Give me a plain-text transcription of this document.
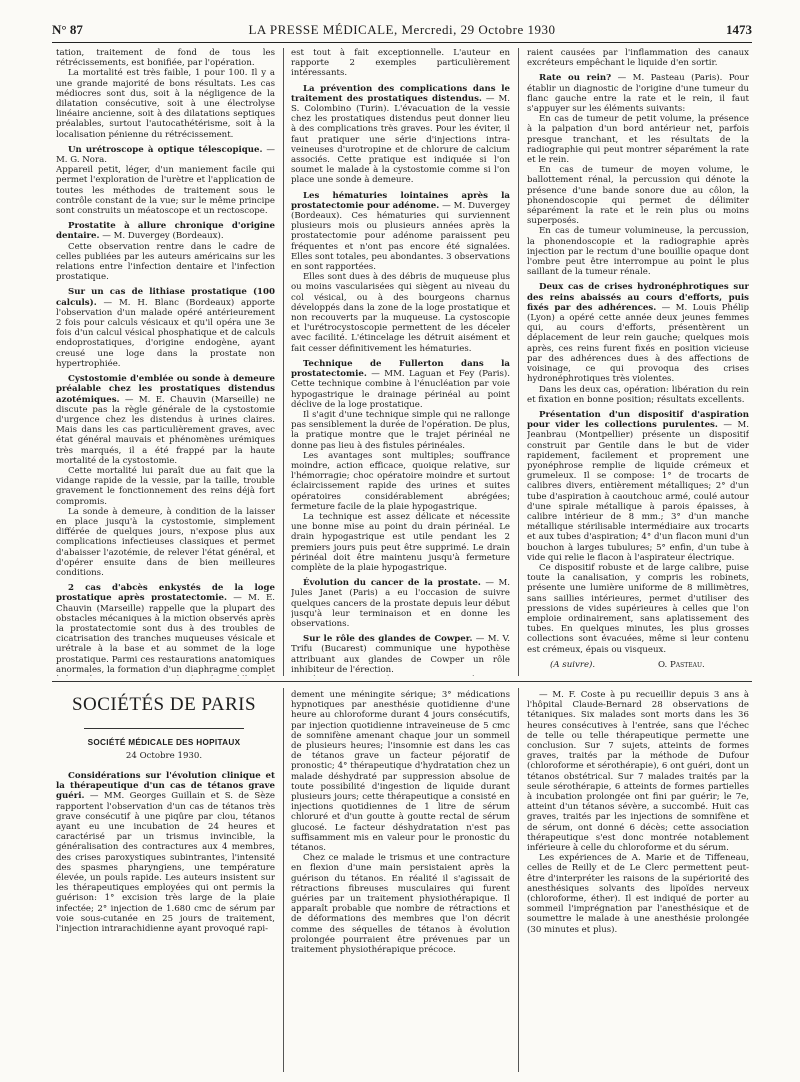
N° 87	LA PRESSE MÉDICALE, Mercredi, 29 Octobre 1930	1473

tation, traitement de fond de tous les rétrécissements, est bonifiée, par l'opération.

La mortalité est très faible, 1 pour 100. Il y a une grande majorité de bons résultats. Les cas médiocres sont dus, soit à la négligence de la dilatation consécutive, soit à une électrolyse linéaire ancienne, soit à des dilatations septiques préalables, surtout l'autocathétérisme, soit à la localisation pénienne du rétrécissement.

Un urétroscope à optique télescopique. — M. G. Nora.

Appareil petit, léger, d'un maniement facile qui permet l'exploration de l'urètre et l'application de toutes les méthodes de traitement sous le contrôle constant de la vue; sur le même principe sont construits un méatoscope et un rectoscope.

Prostatite à allure chronique d'origine dentaire. — M. Duvergey (Bordeaux).

Cette observation rentre dans le cadre de celles publiées par les auteurs américains sur les relations entre l'infection dentaire et l'infection prostatique.

Sur un cas de lithiase prostatique (100 calculs). — M. H. Blanc (Bordeaux) apporte l'observation d'un malade opéré antérieurement 2 fois pour calculs vésicaux et qu'il opéra une 3e fois d'un calcul vésical phosphatique et de calculs endoprostatiques, d'origine endogène, ayant creusé une loge dans la prostate non hypertrophiée.
Cystostomie d'emblée ou sonde à demeure préalable chez les prostatiques distendus azotémiques. — M. E. Chauvin (Marseille) ne discute pas la règle générale de la cystostomie d'urgence chez les distendus à urines claires. Mais dans les cas particulièrement graves, avec état général mauvais et phénomènes urémiques très marqués, il a été frappé par la haute mortalité de la cystostomie.

Cette mortalité lui paraît due au fait que la vidange rapide de la vessie, par la taille, trouble gravement le fonctionnement des reins déjà fort compromis.

La sonde à demeure, à condition de la laisser en place jusqu'à la cystostomie, simplement différée de quelques jours, n'expose plus aux complications infectieuses classiques et permet d'abaisser l'azotémie, de relever l'état général, et d'opérer ensuite dans de bien meilleures conditions.

2 cas d'abcès enkystés de la loge prostatique après prostatectomie. — M. E. Chauvin (Marseille) rappelle que la plupart des obstacles mécaniques à la miction observés après la prostatectomie sont dus à des troubles de cicatrisation des tranches muqueuses vésicale et urétrale à la base et au sommet de la loge prostatique. Parmi ces restaurations anatomiques anormales, la formation d'un diaphragme complet

est tout à fait exceptionnelle. L'auteur en rapporte 2 exemples particulièrement intéressants.

La prévention des complications dans le traitement des prostatiques distendus. — M. S. Colombino (Turin). L'évacuation de la vessie chez les prostatiques distendus peut donner lieu à des complications très graves. Pour les éviter, il faut pratiquer une série d'injections intra-veineuses d'urotropine et de chlorure de calcium associés. Cette pratique est indiquée si l'on soumet le malade à la cystostomie comme si l'on place une sonde à demeure.
Les hématuries lointaines après la prostatectomie pour adénome. — M. Duvergey (Bordeaux). Ces hématuries qui surviennent plusieurs mois ou plusieurs années après la prostatectomie pour adénome paraissent peu fréquentes et n'ont pas encore été signalées. Elles sont totales, peu abondantes. 3 observations en sont rapportées.

Elles sont dues à des débris de muqueuse plus ou moins vascularisées qui siègent au niveau du col vésical, ou à des bourgeons charnus développés dans la zone de la loge prostatique et non recouverts par la muqueuse. La cystoscopie et l'urétrocystoscopie permettent de les déceler avec facilité. L'étincelage les détruit aisément et fait cesser définitivement les hématuries.

Technique de Fullerton dans la prostatectomie. — MM. Laguan et Fey (Paris). Cette technique combine à l'énucléation par voie hypogastrique le drainage périnéal au point déclive de la loge prostatique.

Il s'agit d'une technique simple qui ne rallonge pas sensiblement la durée de l'opération. De plus, la pratique montre que le trajet périnéal ne donne pas lieu à des fistules périnéales.

Les avantages sont multiples; souffrance moindre, action efficace, quoique relative, sur l'hémorragie; choc opératoire moindre et surtout éclaircissement rapide des urines et suites opératoires considérablement abrégées; fermeture facile de la plaie hypogastrique.

La technique est assez délicate et nécessite une bonne mise au point du drain périnéal. Le drain hypogastrique est utile pendant les 2 premiers jours puis peut être supprimé. Le drain périnéal doit être maintenu jusqu'à fermeture complète de la plaie hypogastrique.

Évolution du cancer de la prostate. — M. Jules Janet (Paris) a eu l'occasion de suivre quelques cancers de la prostate depuis leur début jusqu'à leur terminaison et en donne les observations.
Sur le rôle des glandes de Cowper. — M. V. Trifu (Bucarest) communique une hypothèse attribuant aux glandes de Cowper un rôle inhibiteur de l'érection.

raient causées par l'inflammation des canaux excréteurs empêchant le liquide d'en sortir.

Rate ou rein? — M. Pasteau (Paris). Pour établir un diagnostic de l'origine d'une tumeur du flanc gauche entre la rate et le rein, il faut s'appuyer sur les éléments suivants:

En cas de tumeur de petit volume, la présence à la palpation d'un bord antérieur net, parfois presque tranchant, et les résultats de la radiographie qui peut montrer séparément la rate et le rein.

En cas de tumeur de moyen volume, le ballottement rénal, la percussion qui dénote la présence d'une bande sonore due au côlon, la phonendoscopie qui permet de délimiter séparément la rate et le rein plus ou moins superposés.

En cas de tumeur volumineuse, la percussion, la phonendoscopie et la radiographie après injection par le rectum d'une bouillie opaque dont l'ombre peut être interrompue au point le plus saillant de la tumeur rénale.

Deux cas de crises hydronéphrotiques sur des reins abaissés au cours d'efforts, puis fixés par des adhérences. — M. Louis Phélip (Lyon) a opéré cette année deux jeunes femmes qui, au cours d'efforts, présentèrent un déplacement de leur rein gauche; quelques mois après, ces reins furent fixés en position vicieuse par des adhérences dues à des affections de voisinage, ce qui provoqua des crises hydronéphrotiques très violentes.

Dans les deux cas, opération: libération du rein et fixation en bonne position; résultats excellents.

Présentation d'un dispositif d'aspiration pour vider les collections purulentes. — M. Jeanbrau (Montpellier) présente un dispositif construit par Gentile dans le but de vider rapidement, facilement et proprement une pyonéphrose remplie de liquide crémeux et grumeleux. Il se compose: 1° de trocarts de calibres divers, entièrement métalliques; 2° d'un tube d'aspiration à caoutchouc armé, coulé autour d'une spirale métallique à parois épaisses, à calibre intérieur de 8 mm.; 3° d'un manche métallique stérilisable intermédiaire aux trocarts et aux tubes d'aspiration; 4° d'un flacon muni d'un bouchon à larges tubulures; 5° enfin, d'un tube à vide qui relie le flacon à l'aspirateur électrique.

Ce dispositif robuste et de large calibre, puise toute la canalisation, y compris les robinets, présente une lumière uniforme de 8 millimètres, sans saillies intérieures, permet d'utiliser des pressions de vides supérieures à celles que l'on emploie ordinairement, sans aplatissement des tubes. En quelques minutes, les plus grosses collections sont évacuées, même si leur contenu est crémeux, épais ou visqueux.

(A suivre).	O. Pasteau.
SOCIÉTÉS DE PARIS
SOCIÉTÉ MÉDICALE DES HOPITAUX
24 Octobre 1930.
Considérations sur l'évolution clinique et la thérapeutique d'un cas de tétanos grave guéri. — MM. Georges Guillain et S. de Sèze rapportent l'observation d'un cas de tétanos très grave consécutif à une piqûre par clou, tétanos ayant eu une incubation de 24 heures et caractérisé par un trismus invincible, la généralisation des contractures aux 4 membres, des crises paroxystiques subintrantes, l'intensité des spasmes pharyngiens, une température élevée, un pouls rapide. Les auteurs insistent sur les thérapeutiques employées qui ont permis la guérison: 1° excision très large de la plaie infectée; 2° injection de 1.680 cmc de sérum par voie sous-cutanée en 25 jours de traitement, l'injection intrarachidienne ayant provoqué rapi-

dement une méningite sérique; 3° médications hypnotiques par anesthésie quotidienne d'une heure au chloroforme durant 4 jours consécutifs, par injection quotidienne intraveineuse de 5 cmc de somnifène amenant chaque jour un sommeil de plusieurs heures; l'insomnie est dans les cas de tétanos grave un facteur péjoratif de pronostic; 4° thérapeutique d'hydratation chez un malade déshydraté par suppression absolue de toute possibilité d'ingestion de liquide durant plusieurs jours; cette thérapeutique a consisté en injections quotidiennes de 1 litre de sérum chloruré et d'un goutte à goutte rectal de sérum glucosé. Le facteur déshydratation n'est pas suffisamment mis en valeur pour le pronostic du tétanos.

Chez ce malade le trismus et une contracture en flexion d'une main persistaient après la guérison du tétanos. En réalité il s'agissait de rétractions fibreuses musculaires qui furent guéries par un traitement physiothérapique. Il apparaît probable que nombre de rétractions et de déformations des membres que l'on décrit comme des séquelles de tétanos à évolution prolongée pourraient être prévenues par un traitement physiothérapique précoce.

— M. F. Coste à pu recueillir depuis 3 ans à l'hôpital Claude-Bernard 28 observations de tétaniques. Six malades sont morts dans les 36 heures consécutives à l'entrée, sans que l'échec de telle ou telle thérapeutique permette une conclusion. Sur 7 sujets, atteints de formes graves, traités par la méthode de Dufour (chloroforme et sérothérapie), 6 ont guéri, dont un tétanos obstétrical. Sur 7 malades traités par la seule sérothérapie, 6 atteints de formes partielles à incubation prolongée ont fini par guérir; le 7e, atteint d'un tétanos sévère, a succombé. Huit cas graves, traités par les injections de somnifène et de sérum, ont donné 6 décès; cette association thérapeutique s'est donc montrée notablement inférieure à celle du chloroforme et du sérum.

Les expériences de A. Marie et de Tiffeneau, celles de Reilly et de Le Clerc permettent peut-être d'interpréter les raisons de la supériorité des anesthésiques solvants des lipoïdes nerveux (chloroforme, éther). Il est indiqué de porter au sommeil l'imprégnation par l'anesthésique et de soumettre le malade à une anesthésie prolongée (30 minutes et plus).
